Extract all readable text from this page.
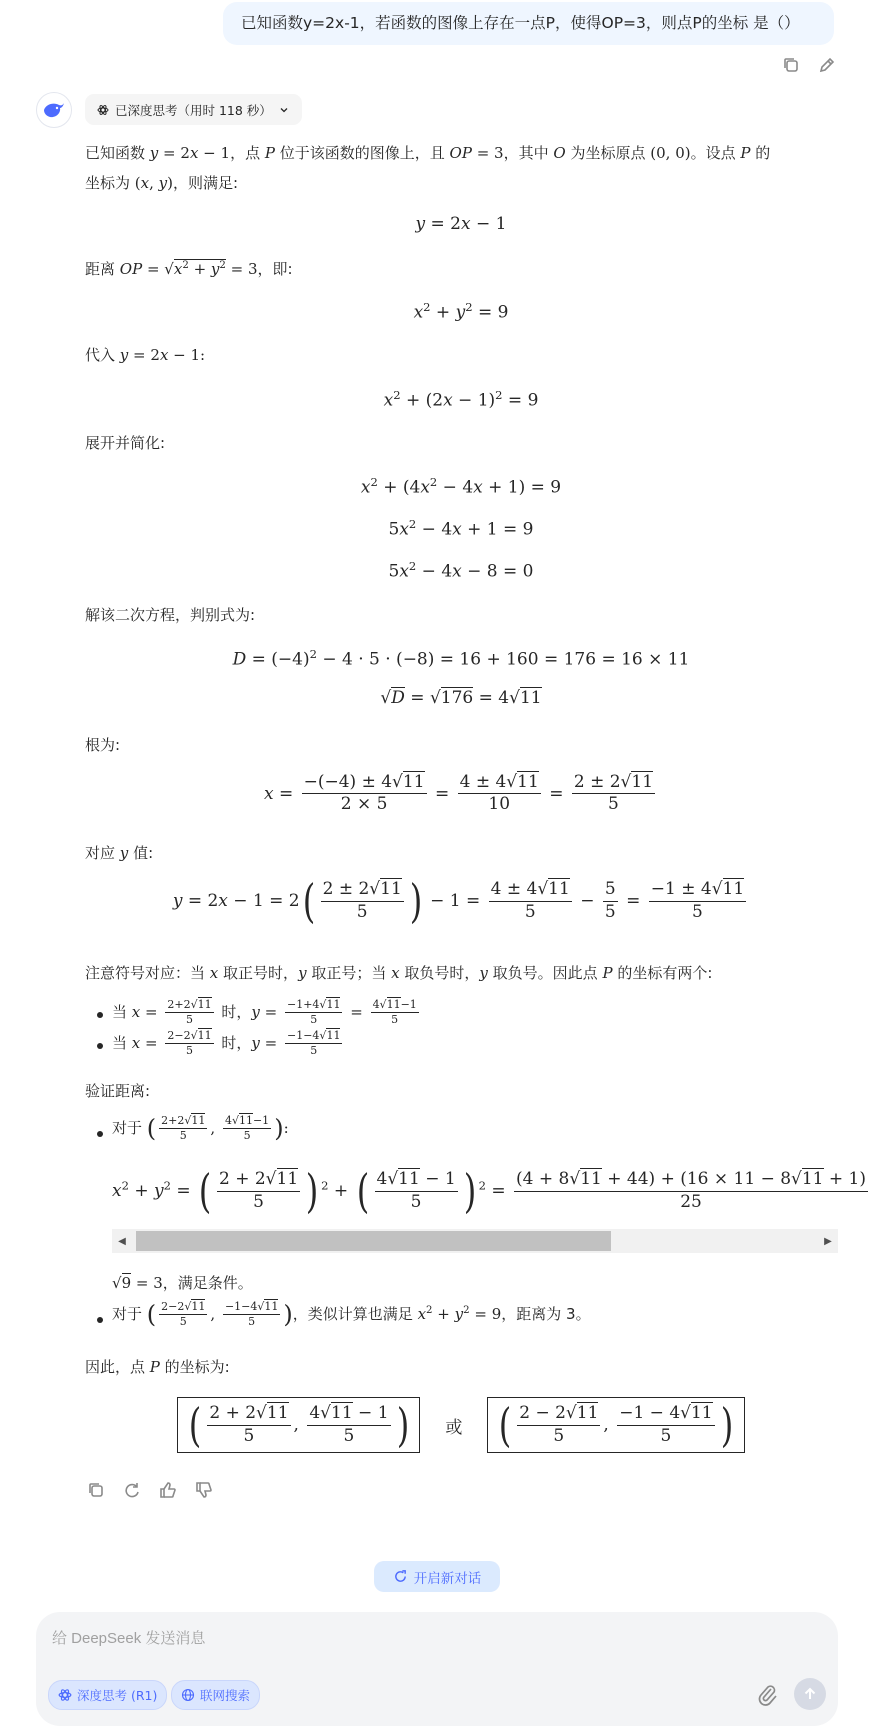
已知函数y=2x-1，若函数的图像上存在一点P，使得OP=3，则点P的坐标 是（）
已深度思考（用时 118 秒）
已知函数 y = 2x − 1，点 P 位于该函数的图像上，且 OP = 3，其中 O 为坐标原点 (0, 0)。设点 P 的
坐标为 (x, y)，则满足:
y = 2x − 1
距离 OP = $√x^2 + y^2 = 3$，即:
$x^2 + y^2 = 9$
代入 y = 2x − 1:
$x^2 + (2x - 1)^2 = 9$
展开并简化:
$x^2 + (4x^2 - 4x + 1) = 9$
$5x^2 - 4x + 1 = 9$
$5x^2 - 4x - 8 = 0$
解该二次方程，判别式为:
$D = (-4)^2 - 4 \cdot 5 \cdot (-8) = 16 + 160 = 176 = 16 \times 11$
√D = √176 = 4√11
根为:
$x = \frac{-(-4) \pm 4√11}{2 \times 5} = \frac{4 \pm 4√11}{10} = \frac{2 \pm 2√11}{5}$
对应 y 值:
$y = 2x - 1 = 2( \frac{2 \pm 2√11}{5}$ ) − $1 = \frac{4 \pm 4√11}{5} - \frac{5}{5} = \frac{-1 \pm 4√11}{5}$
注意符号对应：当 x 取正号时，y 取正号；当 x 取负号时，y 取负号。因此点 P 的坐标有两个:
当 $x = \frac{2+2√11}{5}$ 时，$y = \frac{-1+4√11}{5} = \frac{4√11-1}{5}$
当 $x = \frac{2-2√11}{5}$ 时，$y = \frac{-1-4√11}{5}$
验证距离:
对于 ( $\frac{2+2√11}{5}$ , $\frac{4√11-1}{5}$ ):
$x^2 + y^2$ = ( $\frac{2 + 2√11}{5}$ ) $^2$ + ( $\frac{4√11 - 1}{5}$ ) $^2 = \frac{(4 + 8√11 + 44) + (16 \times 11 - 8√11 + 1)}{25}$
◀	▶
√9 = 3，满足条件。
对于 ( $\frac{2-2√11}{5}$ , $\frac{-1-4√11}{5}$ )，类似计算也满足 $x^2 + y^2 = 9$，距离为 3。
因此，点 P 的坐标为:
( $\frac{2 + 2√11}{5}$ , $\frac{4√11 - 1}{5}$ ) 或 ( $\frac{2 - 2√11}{5}$ , $\frac{-1 - 4√11}{5}$ )
开启新对话
给 DeepSeek 发送消息
深度思考 (R1)	联网搜索
